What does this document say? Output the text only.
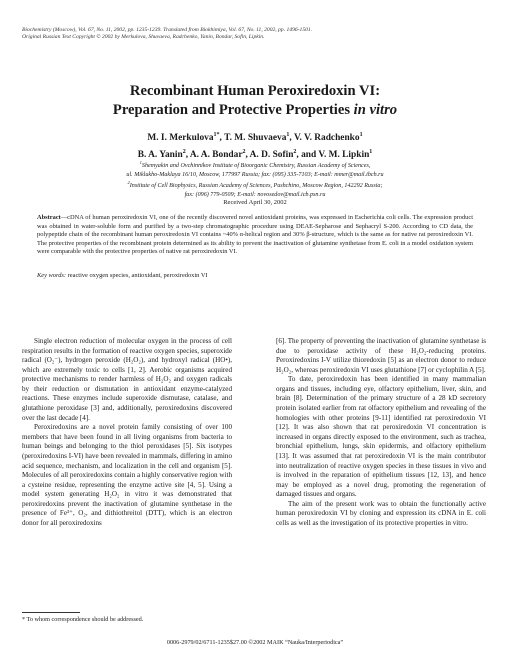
Biochemistry (Moscow), Vol. 67, No. 11, 2002, pp. 1235-1239. Translated from Biokhimiya, Vol. 67, No. 11, 2002, pp. 1496-1501.
Original Russian Text Copyright © 2002 by Merkulova, Shuvaeva, Radchenko, Yanin, Bondar, Sofin, Lipkin.
Recombinant Human Peroxiredoxin VI:
Preparation and Protective Properties in vitro
M. I. Merkulova$^{1*}$, T. M. Shuvaeva$^1$, V. V. Radchenko$^1$
B. A. Yanin$^2$, A. A. Bondar$^2$, A. D. Sofin$^2$, and V. M. Lipkin$^1$
$^1$Shemyakin and Ovchinnikov Institute of Bioorganic Chemistry, Russian Academy of Sciences,
ul. Miklukho-Maklaya 16/10, Moscow, 177997 Russia; fax: (095) 335-7103; E-mail: mmer@mail.ibch.ru
$^2$Institute of Cell Biophysics, Russian Academy of Sciences, Pushchino, Moscow Region, 142292 Russia;
fax: (096) 779-0509; E-mail: novosedov@mail.icb.psn.ru
Received April 30, 2002
Abstract—cDNA of human peroxiredoxin VI, one of the recently discovered novel antioxidant proteins, was expressed in Escherichia coli cells. The expression product was obtained in water-soluble form and purified by a two-step chromatographic procedure using DEAE-Sepharose and Sephacryl S-200. According to CD data, the polypeptide chain of the recombinant human peroxiredoxin VI contains ~40% α-helical region and 30% β-structure, which is the same as for native rat peroxiredoxin VI. The protective properties of the recombinant protein determined as its ability to prevent the inactivation of glutamine synthetase from E. coli in a model oxidation system were comparable with the protective properties of native rat peroxiredoxin VI.
Key words: reactive oxygen species, antioxidant, peroxiredoxin VI

Single electron reduction of molecular oxygen in the process of cell respiration results in the formation of reactive oxygen species, superoxide radical (O₂⁻), hydrogen peroxide (H₂O₂), and hydroxyl radical (HO•), which are extremely toxic to cells [1, 2]. Aerobic organisms acquired protective mechanisms to render harmless of H₂O₂ and oxygen radicals by their reduction or dismutation in antioxidant enzyme-catalyzed reactions. These enzymes include superoxide dismutase, catalase, and glutathione peroxidase [3] and, additionally, peroxiredoxins discovered over the last decade [4].

Peroxiredoxins are a novel protein family consisting of over 100 members that have been found in all living organisms from bacteria to human beings and belonging to the thiol peroxidases [5]. Six isotypes (peroxiredoxins I-VI) have been revealed in mammals, differing in amino acid sequence, mechanism, and localization in the cell and organism [5]. Molecules of all peroxiredoxins contain a highly conservative region with a cysteine residue, representing the enzyme active site [4, 5]. Using a model system generating H₂O₂ in vitro it was demonstrated that peroxiredoxins prevent the inactivation of glutamine synthetase in the presence of Fe³⁺, O₂, and dithiothreitol (DTT), which is an electron donor for all peroxiredoxins

[6]. The property of preventing the inactivation of glutamine synthetase is due to peroxidase activity of these H₂O₂-reducing proteins. Peroxiredoxins I-V utilize thioredoxin [5] as an electron donor to reduce H₂O₂, whereas peroxiredoxin VI uses glutathione [7] or cyclophilin A [5].

To date, peroxiredoxin has been identified in many mammalian organs and tissues, including eye, olfactory epithelium, liver, skin, and brain [8]. Determination of the primary structure of a 28 kD secretory protein isolated earlier from rat olfactory epithelium and revealing of the homologies with other proteins [9-11] identified rat peroxiredoxin VI [12]. It was also shown that rat peroxiredoxin VI concentration is increased in organs directly exposed to the environment, such as trachea, bronchial epithelium, lungs, skin epidermis, and olfactory epithelium [13]. It was assumed that rat peroxiredoxin VI is the main contributor into neutralization of reactive oxygen species in these tissues in vivo and is involved in the reparation of epithelium tissues [12, 13], and hence may be employed as a novel drug, promoting the regeneration of damaged tissues and organs.

The aim of the present work was to obtain the functionally active human peroxiredoxin VI by cloning and expression its cDNA in E. coli cells as well as the investigation of its protective properties in vitro.

* To whom correspondence should be addressed.
0006-2979/02/6711-1235$27.00 ©2002 MAIK “Nauka/Interperiodica”
